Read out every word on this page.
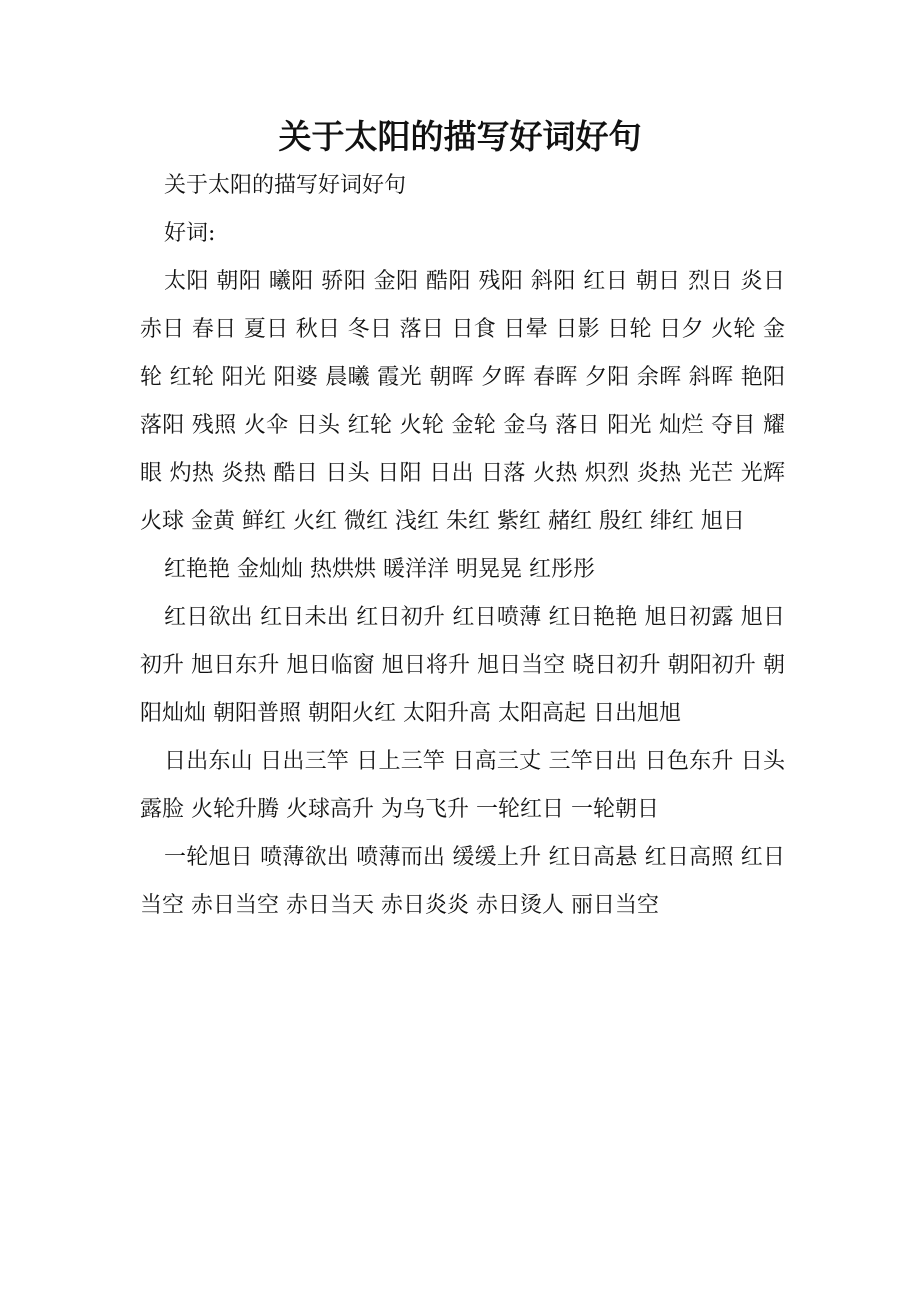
关于太阳的描写好词好句

关于太阳的描写好词好句

好词:

太阳 朝阳 曦阳 骄阳 金阳 酷阳 残阳 斜阳 红日 朝日 烈日 炎日 赤日 春日 夏日 秋日 冬日 落日 日食 日晕 日影 日轮 日夕 火轮 金轮 红轮 阳光 阳婆 晨曦 霞光 朝晖 夕晖 春晖 夕阳 余晖 斜晖 艳阳 落阳 残照 火伞 日头 红轮 火轮 金轮 金乌 落日 阳光 灿烂 夺目 耀眼 灼热 炎热 酷日 日头 日阳 日出 日落 火热 炽烈 炎热 光芒 光辉 火球 金黄 鲜红 火红 微红 浅红 朱红 紫红 赭红 殷红 绯红 旭日

红艳艳 金灿灿 热烘烘 暖洋洋 明晃晃 红彤彤

红日欲出 红日未出 红日初升 红日喷薄 红日艳艳 旭日初露 旭日初升 旭日东升 旭日临窗 旭日将升 旭日当空 晓日初升 朝阳初升 朝阳灿灿 朝阳普照 朝阳火红 太阳升高 太阳高起 日出旭旭

日出东山 日出三竿 日上三竿 日高三丈 三竿日出 日色东升 日头露脸 火轮升腾 火球高升 为乌飞升 一轮红日 一轮朝日

一轮旭日 喷薄欲出 喷薄而出 缓缓上升 红日高悬 红日高照 红日当空 赤日当空 赤日当天 赤日炎炎 赤日烫人 丽日当空
